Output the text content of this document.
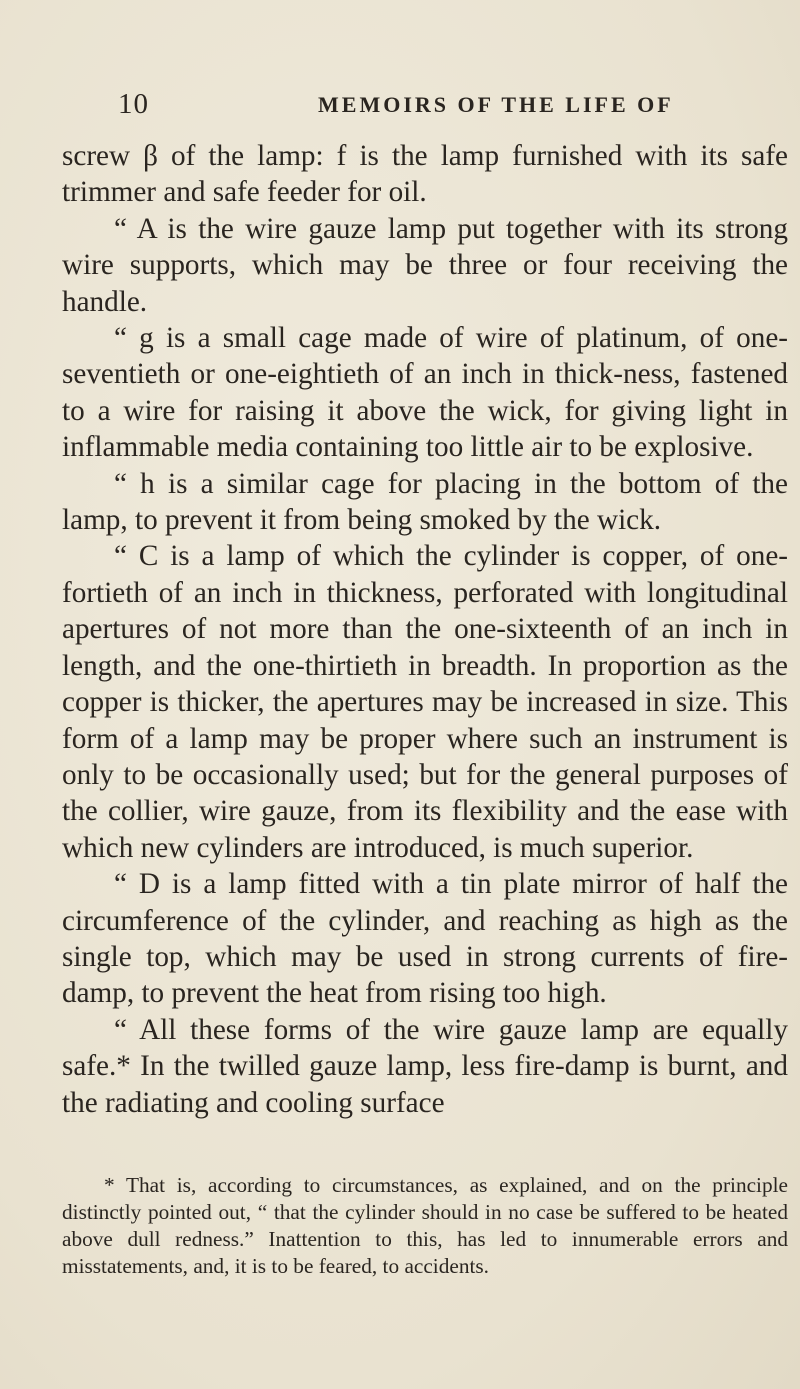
10	MEMOIRS OF THE LIFE OF

screw β of the lamp: f is the lamp furnished with its safe trimmer and safe feeder for oil.

“ A is the wire gauze lamp put together with its strong wire supports, which may be three or four receiving the handle.

“ g is a small cage made of wire of platinum, of one-seventieth or one-eightieth of an inch in thick-ness, fastened to a wire for raising it above the wick, for giving light in inflammable media containing too little air to be explosive.

“ h is a similar cage for placing in the bottom of the lamp, to prevent it from being smoked by the wick.

“ C is a lamp of which the cylinder is copper, of one-fortieth of an inch in thickness, perforated with longitudinal apertures of not more than the one-sixteenth of an inch in length, and the one-thirtieth in breadth. In proportion as the copper is thicker, the apertures may be increased in size. This form of a lamp may be proper where such an instrument is only to be occasionally used; but for the general purposes of the collier, wire gauze, from its flexibility and the ease with which new cylinders are introduced, is much superior.

“ D is a lamp fitted with a tin plate mirror of half the circumference of the cylinder, and reaching as high as the single top, which may be used in strong currents of fire-damp, to prevent the heat from rising too high.

“ All these forms of the wire gauze lamp are equally safe.* In the twilled gauze lamp, less fire-damp is burnt, and the radiating and cooling surface

* That is, according to circumstances, as explained, and on the principle distinctly pointed out, “ that the cylinder should in no case be suffered to be heated above dull redness.” Inattention to this, has led to innumerable errors and misstatements, and, it is to be feared, to accidents.
